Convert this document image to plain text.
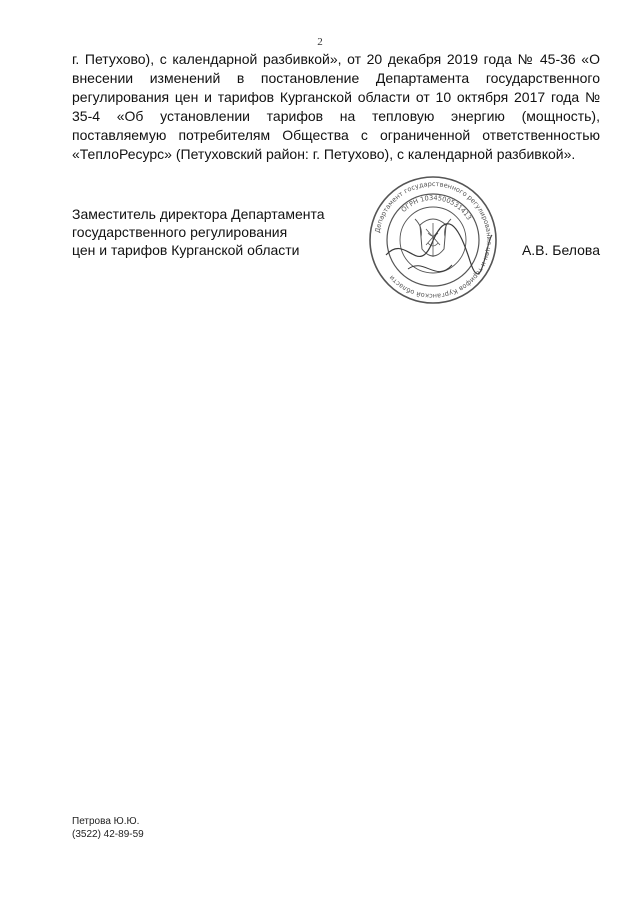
2

г. Петухово), с календарной разбивкой», от 20 декабря 2019 года № 45-36 «О внесении изменений в постановление Департамента государственного регулирования цен и тарифов Курганской области от 10 октября 2017 года № 35-4 «Об установлении тарифов на тепловую энергию (мощность), поставляемую потребителям Общества с ограниченной ответственностью «ТеплоРесурс» (Петуховский район: г. Петухово), с календарной разбивкой».

Заместитель директора Департамента
государственного регулирования
цен и тарифов Курганской области
Департамент государственного регулирования цен и тарифов Курганской области
ОГРН 1034500531413
А.В. Белова
Петрова Ю.Ю.
(3522) 42-89-59
